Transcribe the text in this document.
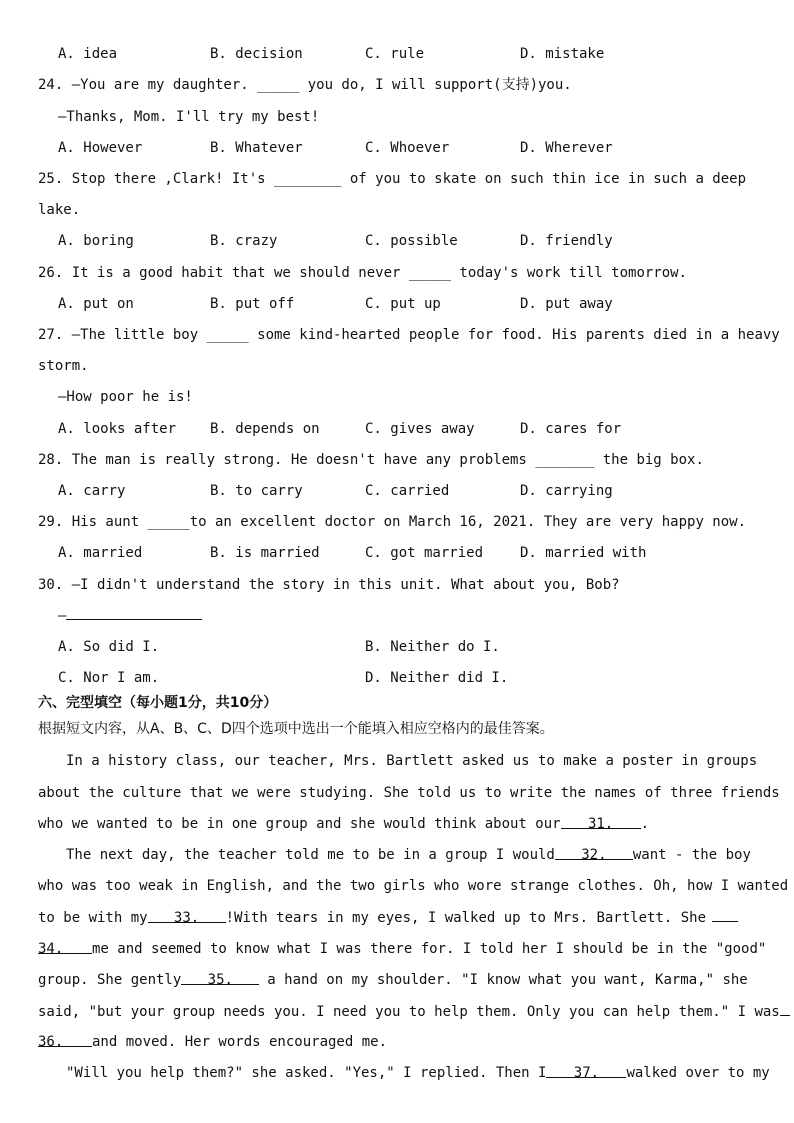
A. idea	B. decision	C. rule	D. mistake
24. —You are my daughter. _____ you do, I will support(支持)you.
—Thanks, Mom. I'll try my best!
A. However	B. Whatever	C. Whoever	D. Wherever
25. Stop there ,Clark! It's ________ of you to skate on such thin ice in such a deep
lake.
A. boring	B. crazy	C. possible	D. friendly
26. It is a good habit that we should never _____ today's work till tomorrow.
A. put on	B. put off	C. put up	D. put away
27. —The little boy _____ some kind-hearted people for food. His parents died in a heavy
storm.
—How poor he is!
A. looks after B. depends on	C. gives away	D. cares for
28. The man is really strong. He doesn't have any problems _______ the big box.
A. carry	B. to carry	C. carried	D. carrying
29. His aunt _____to an excellent doctor on March 16, 2021. They are very happy now.
A. married	B. is married	C. got married	D. married with
30. —I didn't understand the story in this unit. What about you, Bob?
—
A. So did I.	B. Neither do I.
C. Nor I am.	D. Neither did I.
六、完型填空（每小题1分，共10分）
根据短文内容，从A、B、C、D四个选项中选出一个能填入相应空格内的最佳答案。
In a history class, our teacher, Mrs. Bartlett asked us to make a poster in groups
about the culture that we were studying. She told us to write the names of three friends
who we wanted to be in one group and she would think about our 31. .
The next day, the teacher told me to be in a group I would 32. want - the boy
who was too weak in English, and the two girls who wore strange clothes. Oh, how I wanted
to be with my 33. !With tears in my eyes, I walked up to Mrs. Bartlett. She
34. me and seemed to know what I was there for. I told her I should be in the "good"
group. She gently 35. a hand on my shoulder. "I know what you want, Karma," she
said, "but your group needs you. I need you to help them. Only you can help them." I was
36. and moved. Her words encouraged me.
"Will you help them?" she asked. "Yes," I replied. Then I 37. walked over to my
